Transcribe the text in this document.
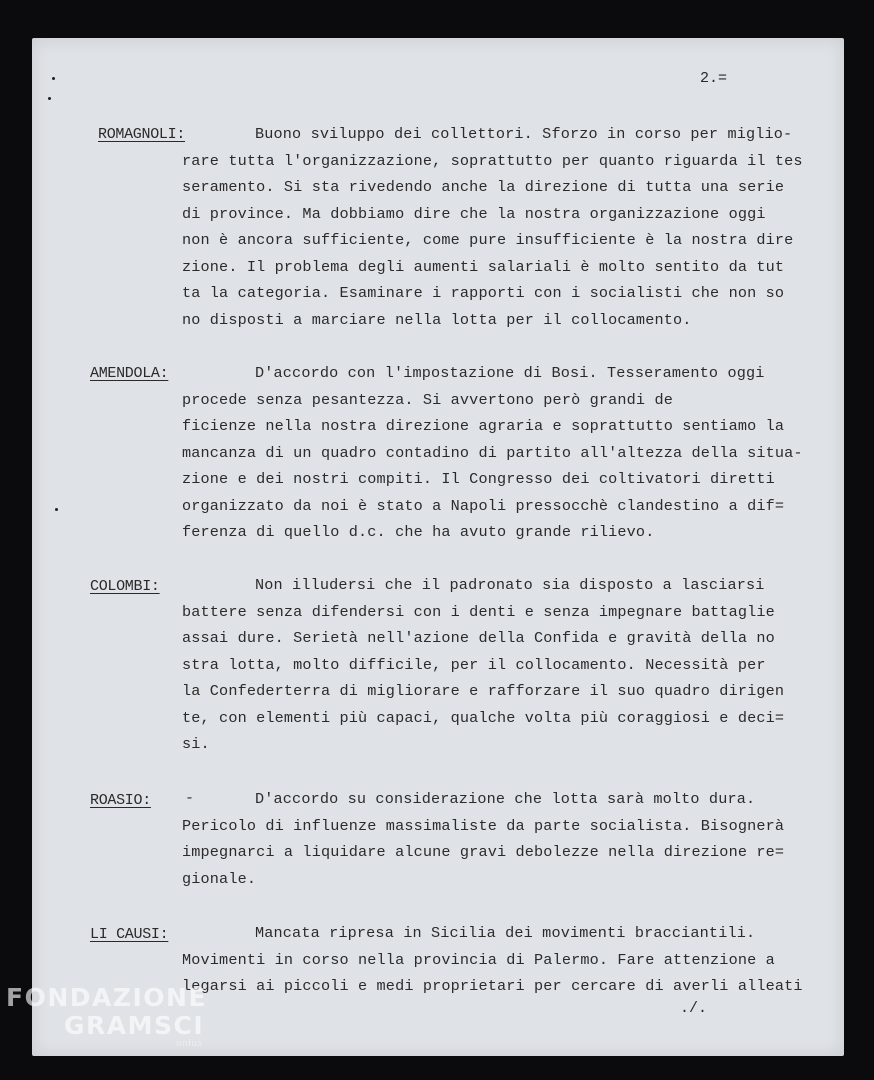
2.=
ROMAGNOLI:	Buono sviluppo dei collettori. Sforzo in corso per miglio-
rare tutta l'organizzazione, soprattutto per quanto riguarda il tes
seramento. Si sta rivedendo anche la direzione di tutta una serie
di province. Ma dobbiamo dire che la nostra organizzazione oggi
non è ancora sufficiente, come pure insufficiente è la nostra dire
zione. Il problema degli aumenti salariali è molto sentito da tut
ta la categoria. Esaminare i rapporti con i socialisti che non so
no disposti a marciare nella lotta per il collocamento.
AMENDOLA:	D'accordo con l'impostazione di Bosi. Tesseramento oggi
procede senza pesantezza. Si avvertono però grandi de
ficienze nella nostra direzione agraria e soprattutto sentiamo la
mancanza di un quadro contadino di partito all'altezza della situa-
zione e dei nostri compiti. Il Congresso dei coltivatori diretti
organizzato da noi è stato a Napoli pressocchè clandestino a dif=
ferenza di quello d.c. che ha avuto grande rilievo.
COLOMBI:	Non illudersi che il padronato sia disposto a lasciarsi
battere senza difendersi con i denti e senza impegnare battaglie
assai dure. Serietà nell'azione della Confida e gravità della no
stra lotta, molto difficile, per il collocamento. Necessità per
la Confederterra di migliorare e rafforzare il suo quadro dirigen
te, con elementi più capaci, qualche volta più coraggiosi e deci=
si.
ROASIO: -	D'accordo su considerazione che lotta sarà molto dura.
Pericolo di influenze massimaliste da parte socialista. Bisognerà
impegnarci a liquidare alcune gravi debolezze nella direzione re=
gionale.
LI CAUSI:	Mancata ripresa in Sicilia dei movimenti bracciantili.
Movimenti in corso nella provincia di Palermo. Fare attenzione a
legarsi ai piccoli e medi proprietari per cercare di averli alleati
./.
FONDAZIONE
GRAMSCI
onlus
